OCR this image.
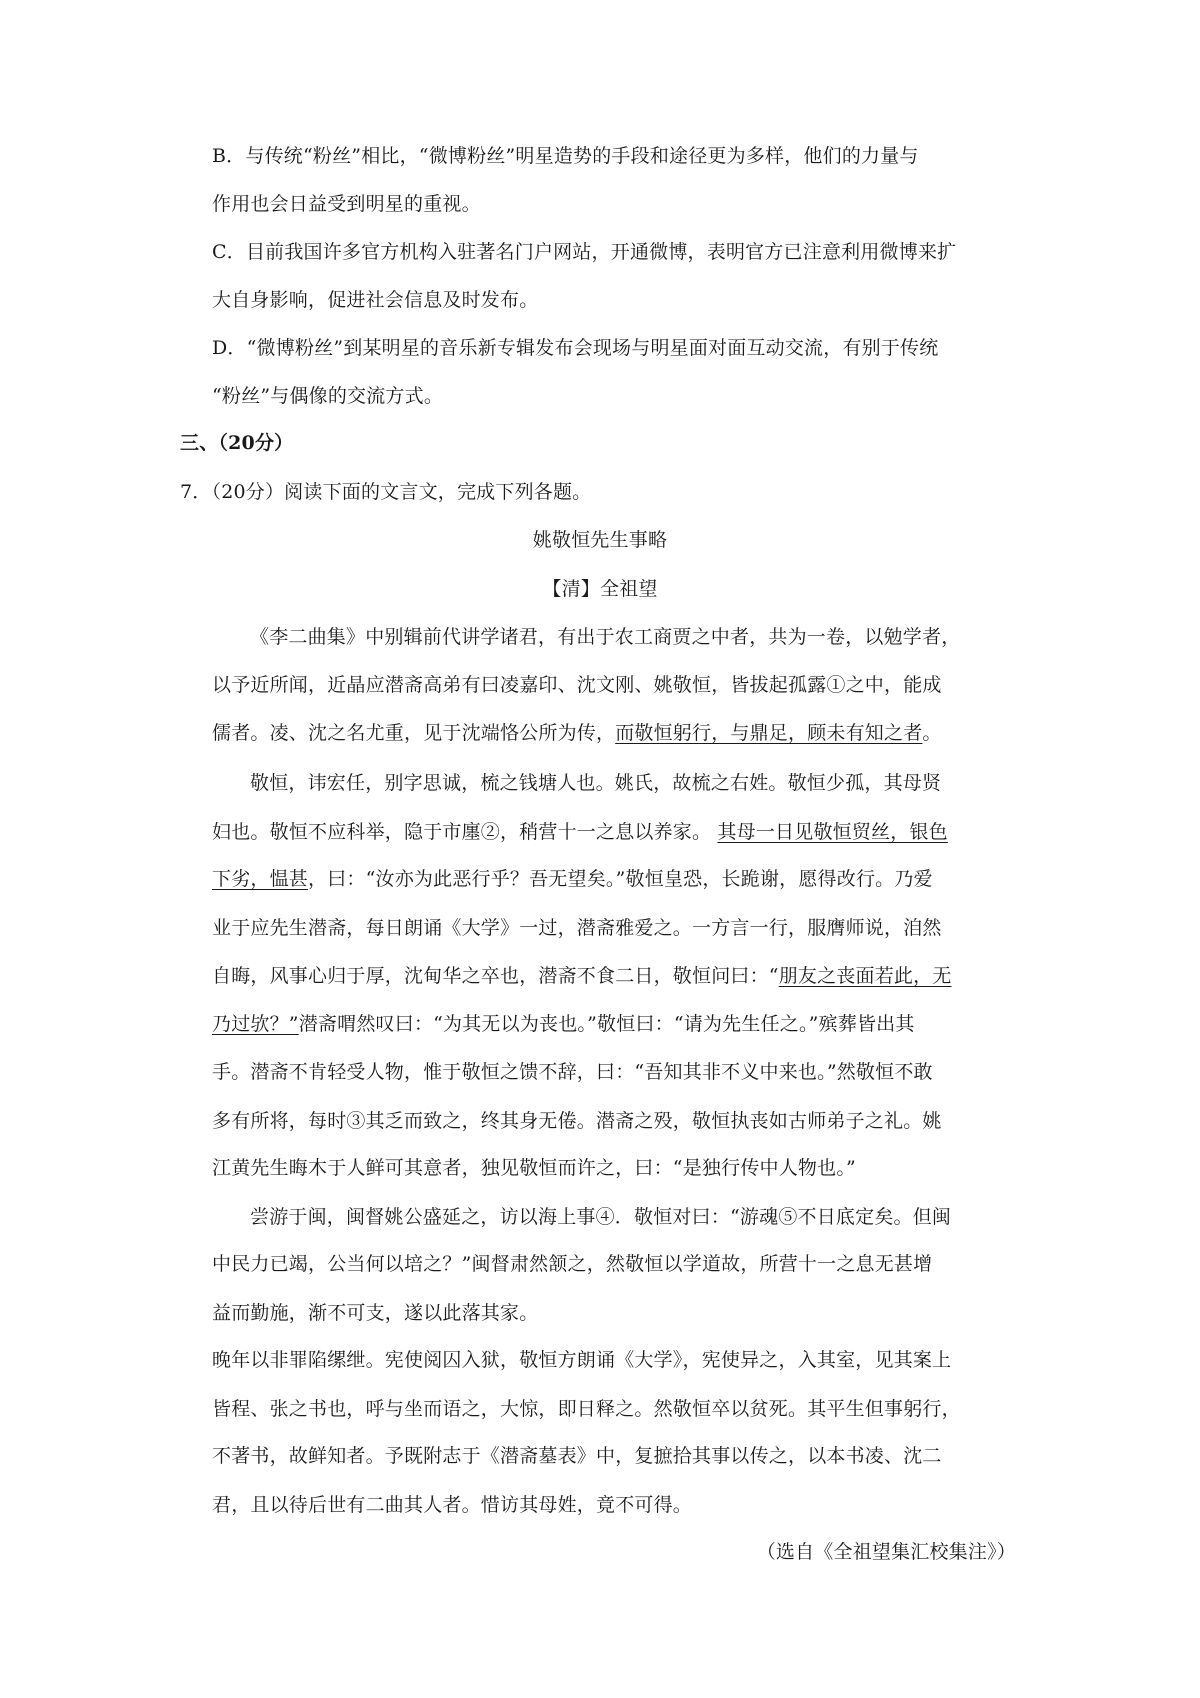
B．与传统“粉丝”相比，“微博粉丝”明星造势的手段和途径更为多样，他们的力量与
作用也会日益受到明星的重视。
C．目前我国许多官方机构入驻著名门户网站，开通微博，表明官方已注意利用微博来扩
大自身影响，促进社会信息及时发布。
D．“微博粉丝”到某明星的音乐新专辑发布会现场与明星面对面互动交流，有别于传统
“粉丝”与偶像的交流方式。
三、（20分）
7．（20分）阅读下面的文言文，完成下列各题。
姚敬恒先生事略
【清】全祖望
《李二曲集》中别辑前代讲学诸君，有出于农工商贾之中者，共为一卷，以勉学者，
以予近所闻，近晶应潜斋高弟有曰凌嘉印、沈文刚、姚敬恒，皆拔起孤露①之中，能成
儒者。凌、沈之名尤重，见于沈端恪公所为传，而敬恒躬行，与鼎足，顾未有知之者。
敬恒，讳宏任，别字思诚，梳之钱塘人也。姚氏，故梳之右姓。敬恒少孤，其母贤
妇也。敬恒不应科举，隐于市廛②，稍营十一之息以养家。 其母一日见敬恒贸丝，银色
下劣，愠甚，曰：“汝亦为此恶行乎？吾无望矣。”敬恒皇恐，长跪谢，愿得改行。乃爱
业于应先生潜斋，每日朗诵《大学》一过，潜斋雅爱之。一方言一行，服膺师说，洎然
自晦，风事心归于厚，沈甸华之卒也，潜斋不食二日，敬恒问曰：“朋友之丧面若此，无
乃过欤？”潜斋喟然叹曰：“为其无以为丧也。”敬恒曰：“请为先生任之。”殡葬皆出其
手。潜斋不肯轻受人物，惟于敬恒之馈不辞，曰：“吾知其非不义中来也。”然敬恒不敢
多有所将，每时③其乏而致之，终其身无倦。潜斋之殁，敬恒执丧如古师弟子之礼。姚
江黄先生晦木于人鲜可其意者，独见敬恒而许之，曰：“是独行传中人物也。”
尝游于闽，闽督姚公盛延之，访以海上事④．敬恒对曰：“游魂⑤不日底定矣。但闽
中民力已竭，公当何以培之？”闽督肃然颔之，然敬恒以学道故，所营十一之息无甚增
益而勤施，渐不可支，遂以此落其家。
晚年以非罪陷缧绁。宪使阅囚入狱，敬恒方朗诵《大学》，宪使异之，入其室，见其案上
皆程、张之书也，呼与坐而语之，大惊，即日释之。然敬恒卒以贫死。其平生但事躬行，
不著书，故鲜知者。予既附志于《潜斋墓表》中，复摭拾其事以传之，以本书凌、沈二
君，且以待后世有二曲其人者。惜访其母姓，竟不可得。
（选自《全祖望集汇校集注》）
